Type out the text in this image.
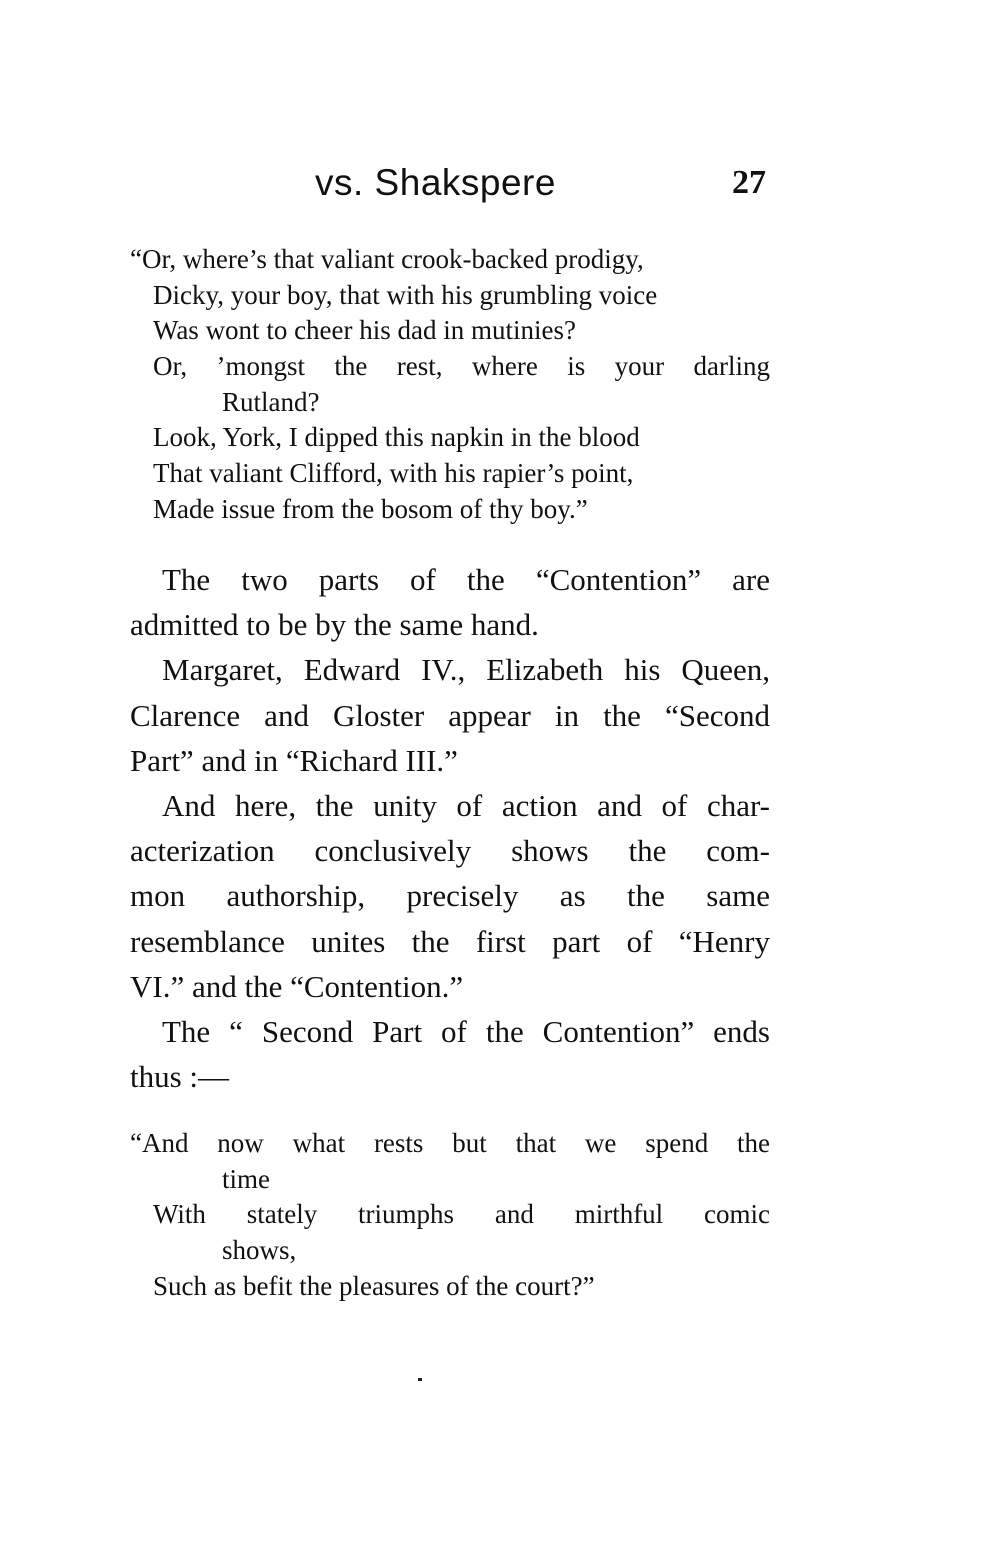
vs. Shakspere	27
“Or, where’s that valiant crook-backed prodigy,
Dicky, your boy, that with his grumbling voice
Was wont to cheer his dad in mutinies?
Or, ’mongst the rest, where is your darling
Rutland?
Look, York, I dipped this napkin in the blood
That valiant Clifford, with his rapier’s point,
Made issue from the bosom of thy boy.”
The two parts of the “Contention” are
admitted to be by the same hand.
Margaret, Edward IV., Elizabeth his Queen,
Clarence and Gloster appear in the “Second
Part” and in “Richard III.”
And here, the unity of action and of char-
acterization conclusively shows the com-
mon authorship, precisely as the same
resemblance unites the first part of “Henry
VI.” and the “Contention.”
The “ Second Part of the Contention” ends
thus :—
“And now what rests but that we spend the
time
With stately triumphs and mirthful comic
shows,
Such as befit the pleasures of the court?”
